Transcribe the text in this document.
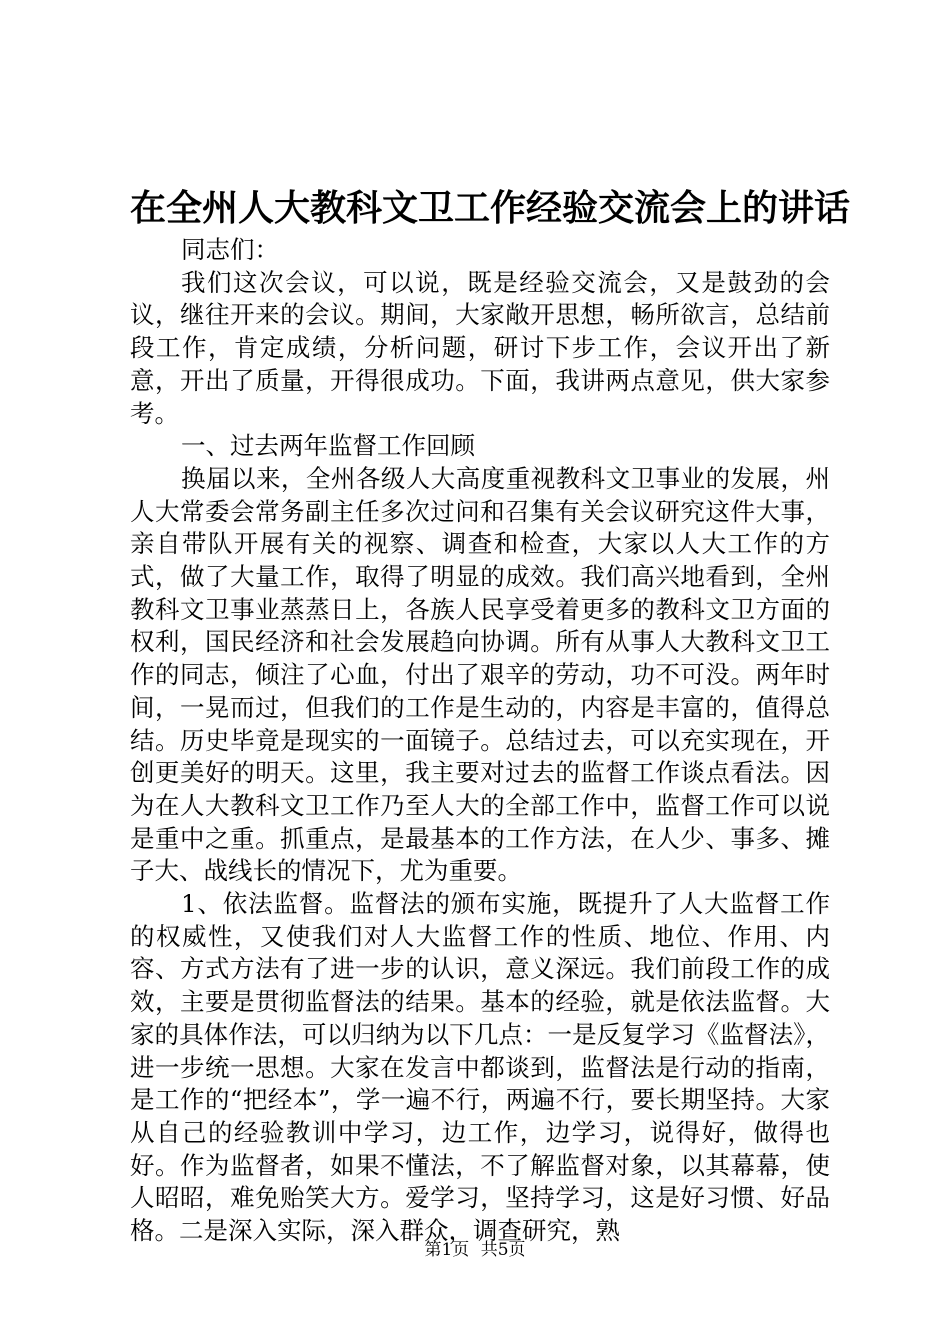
在全州人大教科文卫工作经验交流会上的讲话

同志们：

我们这次会议，可以说，既是经验交流会，又是鼓劲的会议，继往开来的会议。期间，大家敞开思想，畅所欲言，总结前段工作，肯定成绩，分析问题，研讨下步工作，会议开出了新意，开出了质量，开得很成功。下面，我讲两点意见，供大家参考。

一、过去两年监督工作回顾

换届以来，全州各级人大高度重视教科文卫事业的发展，州人大常委会常务副主任多次过问和召集有关会议研究这件大事，亲自带队开展有关的视察、调查和检查，大家以人大工作的方式，做了大量工作，取得了明显的成效。我们高兴地看到，全州教科文卫事业蒸蒸日上，各族人民享受着更多的教科文卫方面的权利，国民经济和社会发展趋向协调。所有从事人大教科文卫工作的同志，倾注了心血，付出了艰辛的劳动，功不可没。两年时间，一晃而过，但我们的工作是生动的，内容是丰富的，值得总结。历史毕竟是现实的一面镜子。总结过去，可以充实现在，开创更美好的明天。这里，我主要对过去的监督工作谈点看法。因为在人大教科文卫工作乃至人大的全部工作中，监督工作可以说是重中之重。抓重点，是最基本的工作方法，在人少、事多、摊子大、战线长的情况下，尤为重要。

1、依法监督。监督法的颁布实施，既提升了人大监督工作的权威性，又使我们对人大监督工作的性质、地位、作用、内容、方式方法有了进一步的认识，意义深远。我们前段工作的成效，主要是贯彻监督法的结果。基本的经验，就是依法监督。大家的具体作法，可以归纳为以下几点：一是反复学习《监督法》，进一步统一思想。大家在发言中都谈到，监督法是行动的指南，是工作的“把经本”，学一遍不行，两遍不行，要长期坚持。大家从自己的经验教训中学习，边工作，边学习，说得好，做得也好。作为监督者，如果不懂法，不了解监督对象，以其幕幕，使人昭昭，难免贻笑大方。爱学习，坚持学习，这是好习惯、好品格。二是深入实际，深入群众，调查研究，熟

第1页 共5页
